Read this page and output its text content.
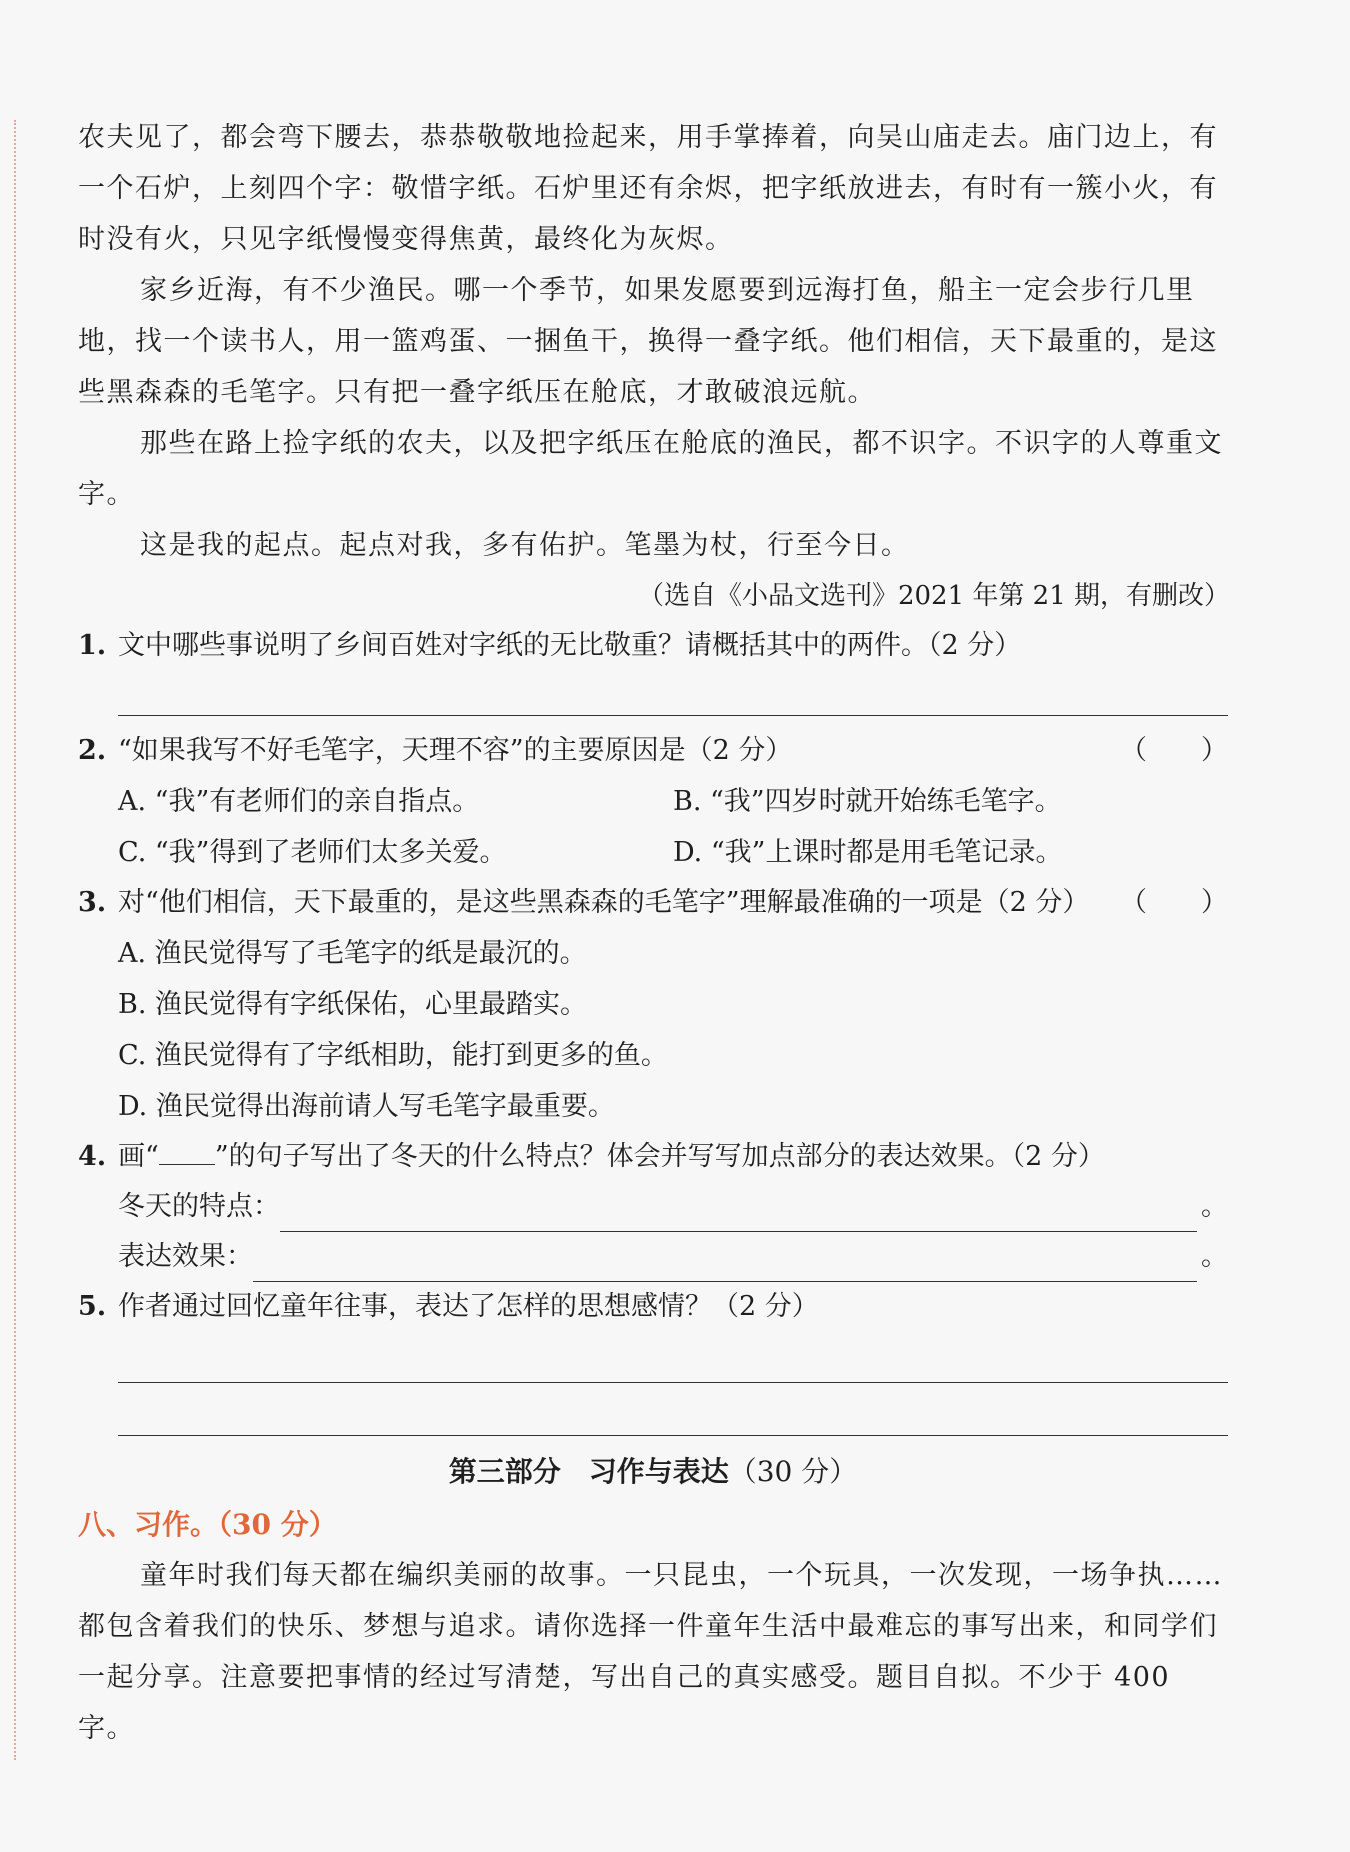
农夫见了，都会弯下腰去，恭恭敬敬地捡起来，用手掌捧着，向吴山庙走去。庙门边上，有一个石炉，上刻四个字：敬惜字纸。石炉里还有余烬，把字纸放进去，有时有一簇小火，有时没有火，只见字纸慢慢变得焦黄，最终化为灰烬。

家乡近海，有不少渔民。哪一个季节，如果发愿要到远海打鱼，船主一定会步行几里地，找一个读书人，用一篮鸡蛋、一捆鱼干，换得一叠字纸。他们相信，天下最重的，是这些黑森森的毛笔字。只有把一叠字纸压在舱底，才敢破浪远航。

那些在路上捡字纸的农夫，以及把字纸压在舱底的渔民，都不识字。不识字的人尊重文字。

这是我的起点。起点对我，多有佑护。笔墨为杖，行至今日。

（选自《小品文选刊》2021 年第 21 期，有删改）

1. 文中哪些事说明了乡间百姓对字纸的无比敬重？请概括其中的两件。（2 分）
2. “如果我写不好毛笔字，天理不容”的主要原因是（2 分）	（　　）
A. “我”有老师们的亲自指点。	B. “我”四岁时就开始练毛笔字。
C. “我”得到了老师们太多关爱。	D. “我”上课时都是用毛笔记录。
3. 对“他们相信，天下最重的，是这些黑森森的毛笔字”理解最准确的一项是（2 分） （　　）
A. 渔民觉得写了毛笔字的纸是最沉的。
B. 渔民觉得有字纸保佑，心里最踏实。
C. 渔民觉得有了字纸相助，能打到更多的鱼。
D. 渔民觉得出海前请人写毛笔字最重要。
4. 画“ ”的句子写出了冬天的什么特点？体会并写写加点部分的表达效果。（2 分）
冬天的特点：	。
表达效果：	。
5. 作者通过回忆童年往事，表达了怎样的思想感情？（2 分）
第三部分　习作与表达（30 分）

八、习作。（30 分）

童年时我们每天都在编织美丽的故事。一只昆虫，一个玩具，一次发现，一场争执……都包含着我们的快乐、梦想与追求。请你选择一件童年生活中最难忘的事写出来，和同学们一起分享。注意要把事情的经过写清楚，写出自己的真实感受。题目自拟。不少于 400 字。
